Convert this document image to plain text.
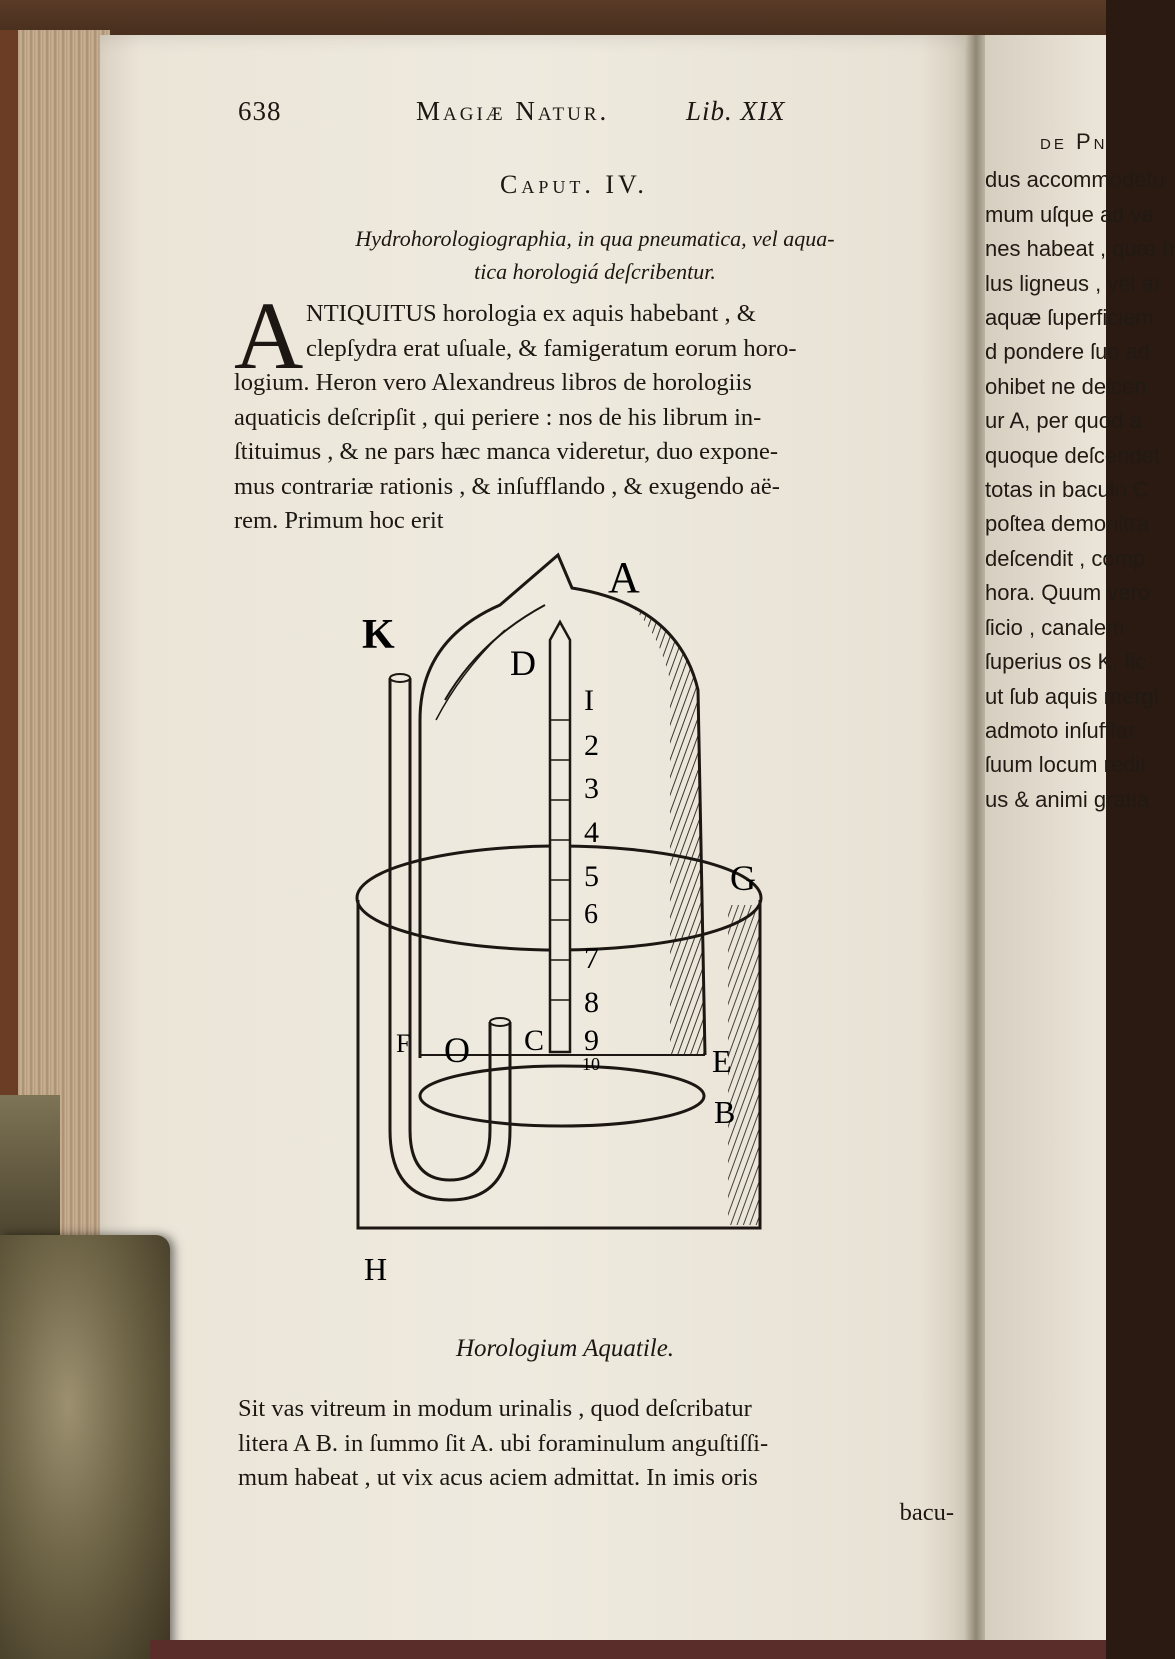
de Pn
dus accommodetu
mum uſque ad va
nes habeat , quæ h
lus ligneus , vel ar
aquæ ſuperficiem
d pondere ſuo ad
ohibet ne deſcen
ur A, per quod a
quoque deſcendet
totas in baculo C
poſtea demonſtra
deſcendit , comp
hora. Quum vero
ſicio , canalem
ſuperius os K, fic
ut ſub aquis mergi
admoto inſufflar
ſuum locum redit
us & animi gratia
638	Magiæ Natur.	Lib. XIX
Caput. IV.
Hydrohorologiographia, in qua pneumatica, vel aqua-
tica horologiá deſcribentur.
A NTIQUITUS horologia ex aquis habebant , &
clepſydra erat uſuale, & famigeratum eorum horo-
logium. Heron vero Alexandreus libros de horologiis
aquaticis deſcripſit , qui periere : nos de his librum in-
ſtituimus , & ne pars hæc manca videretur, duo expone-
mus contrariæ rationis , & inſufflando , & exugendo aë-
rem. Primum hoc erit
A
K
D
G
E
B
C
F
H
O
I
2
3
4
5
6
7
8
9
10
Horologium Aquatile.
Sit vas vitreum in modum urinalis , quod deſcribatur
litera A B. in ſummo ſit A. ubi foraminulum anguſtiſſi-
mum habeat , ut vix acus aciem admittat. In imis oris
bacu-
